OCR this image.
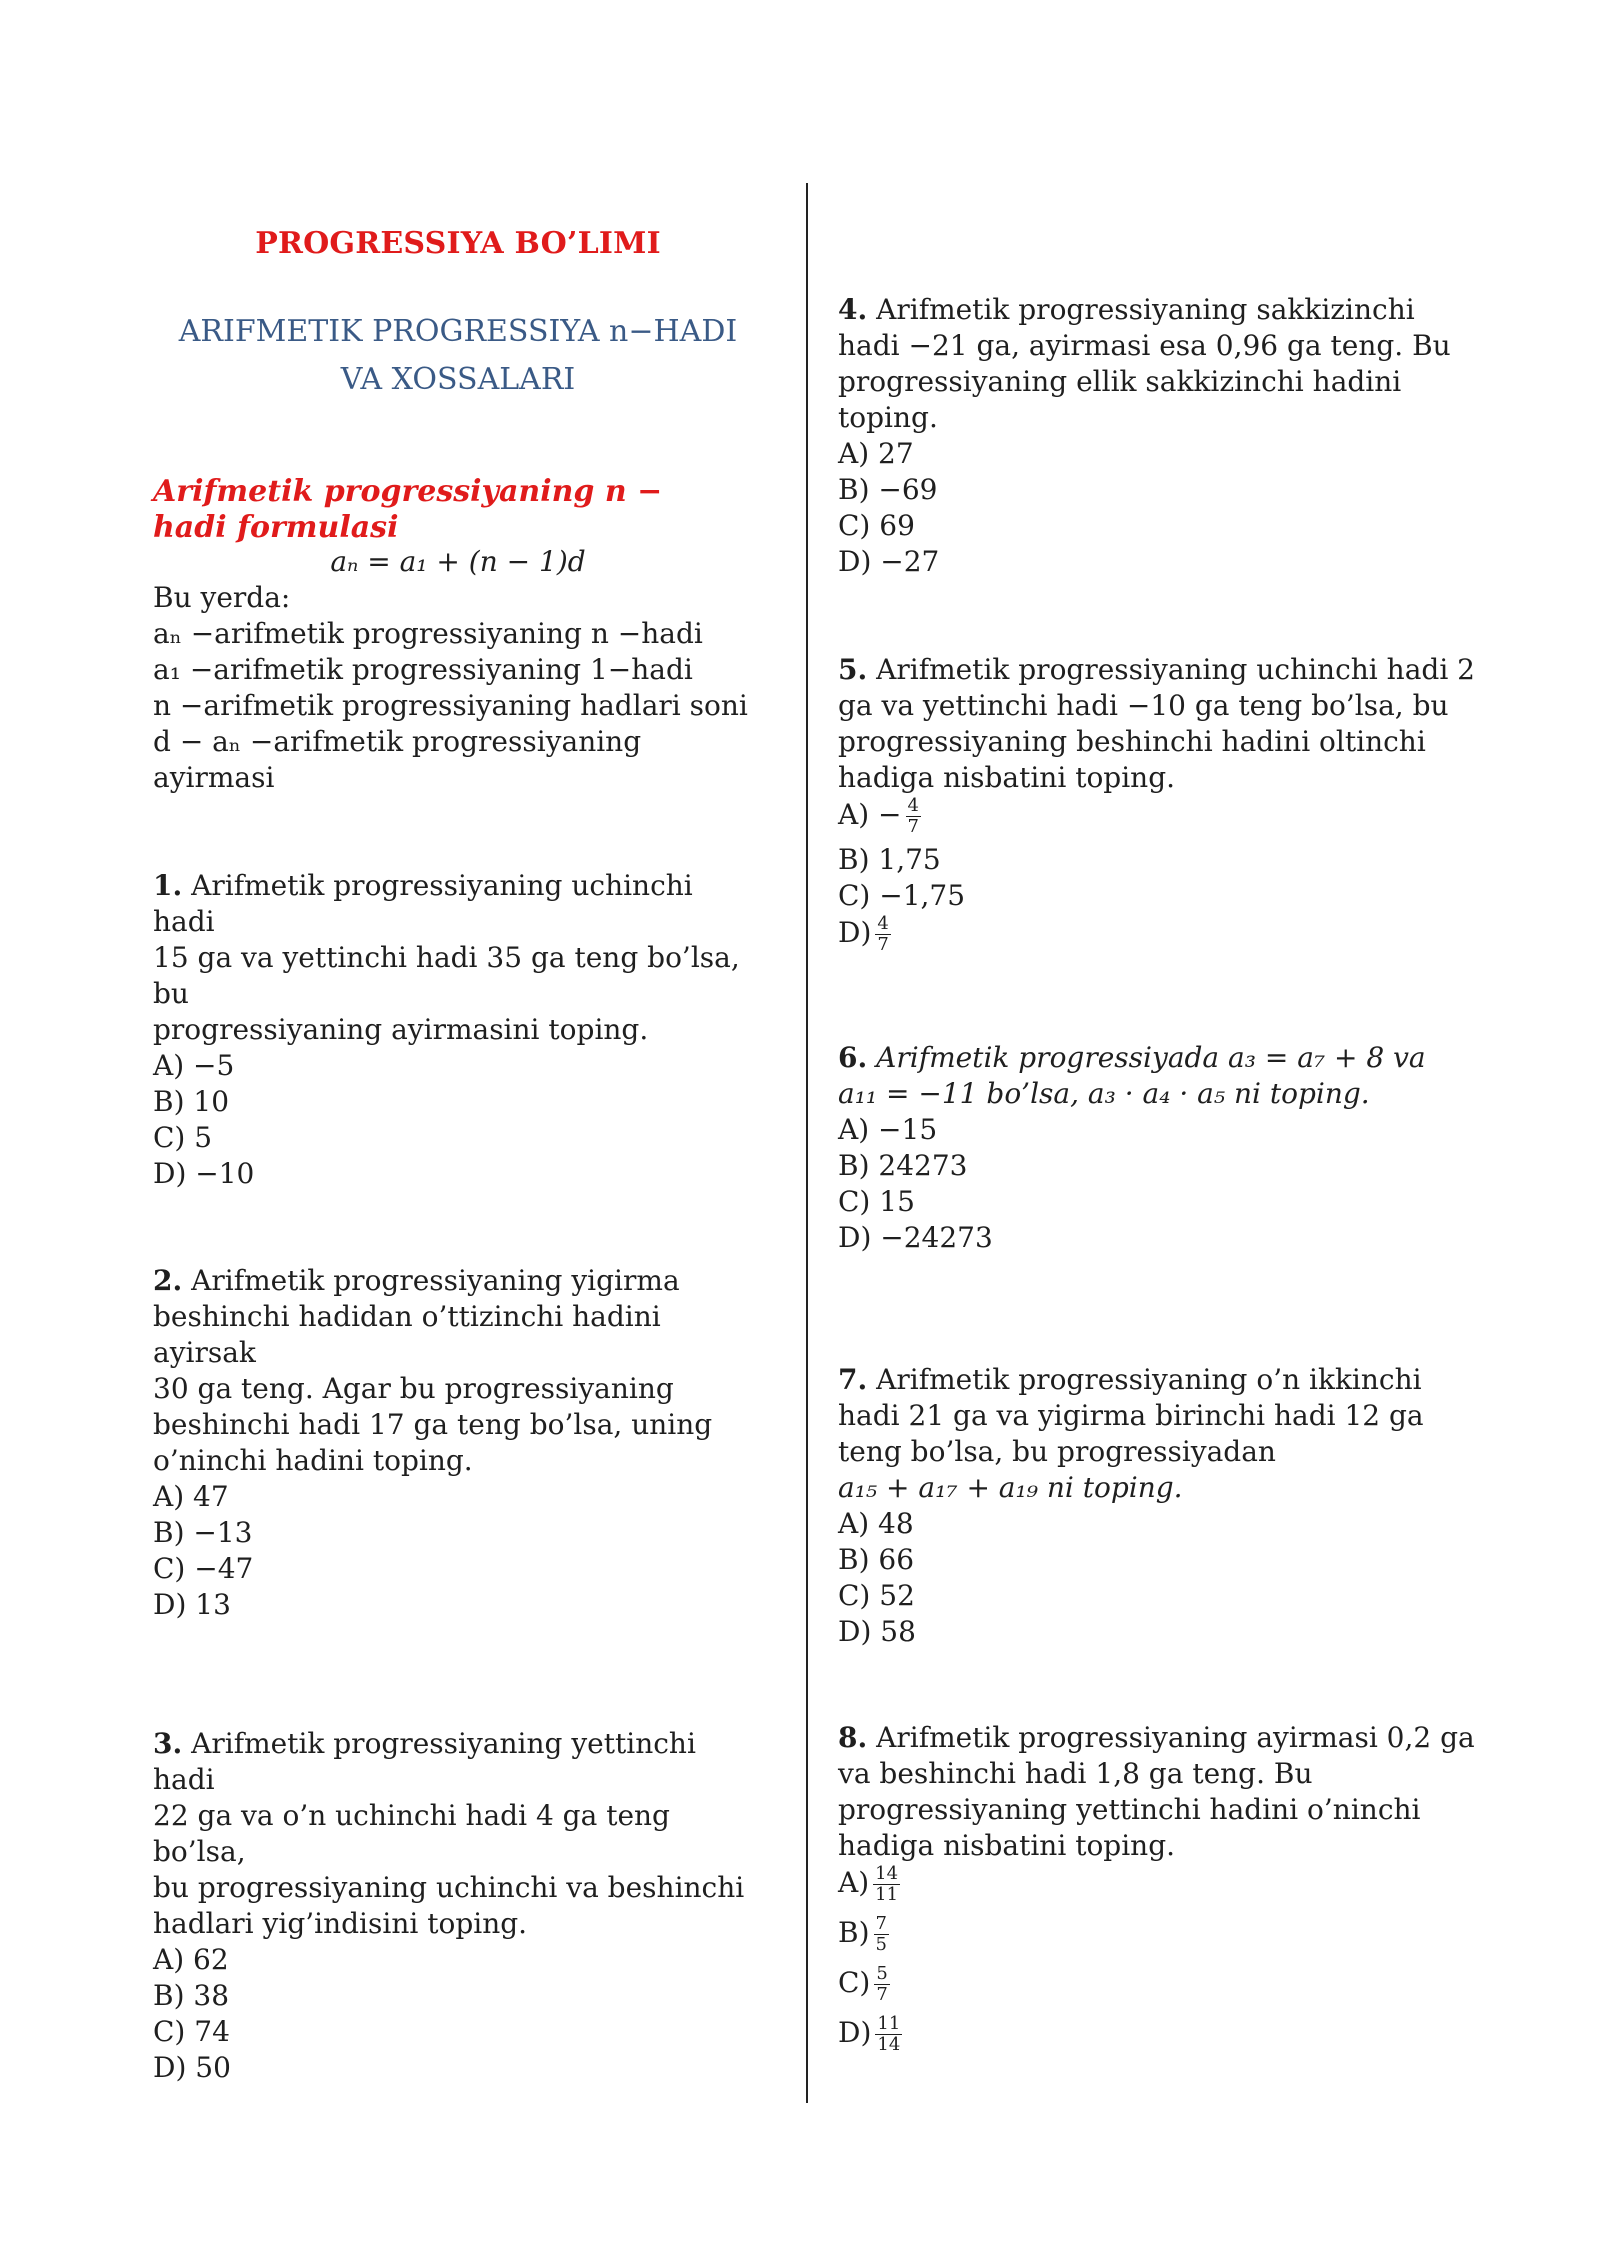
PROGRESSIYA BO’LIMI
ARIFMETIK PROGRESSIYA n−HADI
VA XOSSALARI
Arifmetik progressiyaning n −
hadi formulasi
aₙ = a₁ + (n − 1)d
Bu yerda:
aₙ −arifmetik progressiyaning n −hadi
a₁ −arifmetik progressiyaning 1−hadi
n −arifmetik progressiyaning hadlari soni
d − aₙ −arifmetik progressiyaning ayirmasi

1. Arifmetik progressiyaning uchinchi hadi

15 ga va yettinchi hadi 35 ga teng bo’lsa, bu

progressiyaning ayirmasini toping.

A) −5

B) 10

C) 5

D) −10

2. Arifmetik progressiyaning yigirma

beshinchi hadidan o’ttizinchi hadini ayirsak

30 ga teng. Agar bu progressiyaning

beshinchi hadi 17 ga teng bo’lsa, uning

o’ninchi hadini toping.

A) 47

B) −13

C) −47

D) 13

3. Arifmetik progressiyaning yettinchi hadi

22 ga va o’n uchinchi hadi 4 ga teng bo’lsa,

bu progressiyaning uchinchi va beshinchi

hadlari yig’indisini toping.

A) 62

B) 38

C) 74

D) 50

4. Arifmetik progressiyaning sakkizinchi

hadi −21 ga, ayirmasi esa 0,96 ga teng. Bu

progressiyaning ellik sakkizinchi hadini

toping.

A) 27

B) −69

C) 69

D) −27

5. Arifmetik progressiyaning uchinchi hadi 2

ga va yettinchi hadi −10 ga teng bo’lsa, bu

progressiyaning beshinchi hadini oltinchi

hadiga nisbatini toping.

$A) - \frac{4}{7}$

B) 1,75

C) −1,75

$D) \frac{4}{7}$

6. Arifmetik progressiyada a₃ = a₇ + 8 va

a₁₁ = −11 bo’lsa, a₃ · a₄ · a₅ ni toping.

A) −15

B) 24273

C) 15

D) −24273

7. Arifmetik progressiyaning o’n ikkinchi

hadi 21 ga va yigirma birinchi hadi 12 ga

teng bo’lsa, bu progressiyadan

a₁₅ + a₁₇ + a₁₉ ni toping.

A) 48

B) 66

C) 52

D) 58

8. Arifmetik progressiyaning ayirmasi 0,2 ga

va beshinchi hadi 1,8 ga teng. Bu

progressiyaning yettinchi hadini o’ninchi

hadiga nisbatini toping.

$A) \frac{14}{11}$

$B) \frac{7}{5}$

$C) \frac{5}{7}$

$D) \frac{11}{14}$
